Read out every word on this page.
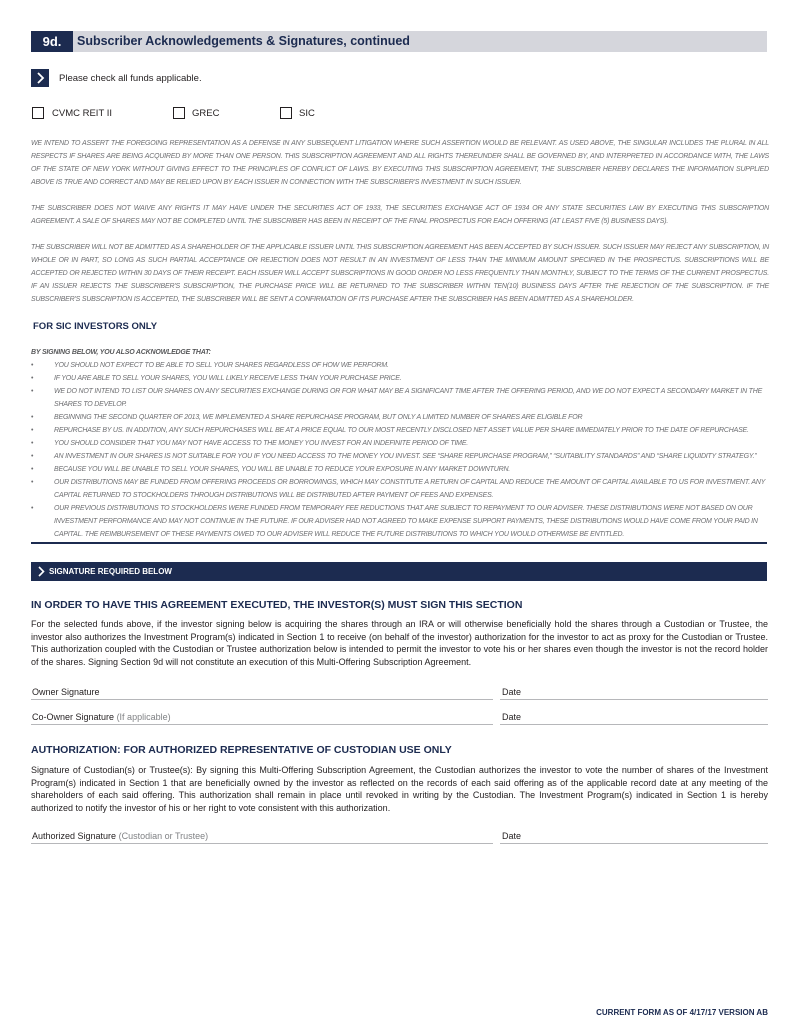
9d.	Subscriber Acknowledgements & Signatures, continued
Please check all funds applicable.
CVMC REIT II	GREC	SIC
WE INTEND TO ASSERT THE FOREGOING REPRESENTATION AS A DEFENSE IN ANY SUBSEQUENT LITIGATION WHERE SUCH ASSERTION WOULD BE RELEVANT. AS USED ABOVE, THE SINGULAR INCLUDES THE PLURAL IN ALL RESPECTS IF SHARES ARE BEING ACQUIRED BY MORE THAN ONE PERSON. THIS SUBSCRIPTION AGREEMENT AND ALL RIGHTS THEREUNDER SHALL BE GOVERNED BY, AND INTERPRETED IN ACCORDANCE WITH, THE LAWS OF THE STATE OF NEW YORK WITHOUT GIVING EFFECT TO THE PRINCIPLES OF CONFLICT OF LAWS. BY EXECUTING THIS SUBSCRIPTION AGREEMENT, THE SUBSCRIBER HEREBY DECLARES THE INFORMATION SUPPLIED ABOVE IS TRUE AND CORRECT AND MAY BE RELIED UPON BY EACH ISSUER IN CONNECTION WITH THE SUBSCRIBER'S INVESTMENT IN SUCH ISSUER.
THE SUBSCRIBER DOES NOT WAIVE ANY RIGHTS IT MAY HAVE UNDER THE SECURITIES ACT OF 1933, THE SECURITIES EXCHANGE ACT OF 1934 OR ANY STATE SECURITIES LAW BY EXECUTING THIS SUBSCRIPTION AGREEMENT. A SALE OF SHARES MAY NOT BE COMPLETED UNTIL THE SUBSCRIBER HAS BEEN IN RECEIPT OF THE FINAL PROSPECTUS FOR EACH OFFERING (AT LEAST FIVE (5) BUSINESS DAYS).
THE SUBSCRIBER WILL NOT BE ADMITTED AS A SHAREHOLDER OF THE APPLICABLE ISSUER UNTIL THIS SUBSCRIPTION AGREEMENT HAS BEEN ACCEPTED BY SUCH ISSUER. SUCH ISSUER MAY REJECT ANY SUBSCRIPTION, IN WHOLE OR IN PART, SO LONG AS SUCH PARTIAL ACCEPTANCE OR REJECTION DOES NOT RESULT IN AN INVESTMENT OF LESS THAN THE MINIMUM AMOUNT SPECIFIED IN THE PROSPECTUS. SUBSCRIPTIONS WILL BE ACCEPTED OR REJECTED WITHIN 30 DAYS OF THEIR RECEIPT. EACH ISSUER WILL ACCEPT SUBSCRIPTIONS IN GOOD ORDER NO LESS FREQUENTLY THAN MONTHLY, SUBJECT TO THE TERMS OF THE CURRENT PROSPECTUS. IF AN ISSUER REJECTS THE SUBSCRIBER'S SUBSCRIPTION, THE PURCHASE PRICE WILL BE RETURNED TO THE SUBSCRIBER WITHIN TEN(10) BUSINESS DAYS AFTER THE REJECTION OF THE SUBSCRIPTION. IF THE SUBSCRIBER'S SUBSCRIPTION IS ACCEPTED, THE SUBSCRIBER WILL BE SENT A CONFIRMATION OF ITS PURCHASE AFTER THE SUBSCRIBER HAS BEEN ADMITTED AS A SHAREHOLDER.
FOR SIC INVESTORS ONLY
BY SIGNING BELOW, YOU ALSO ACKNOWLEDGE THAT:
• YOU SHOULD NOT EXPECT TO BE ABLE TO SELL YOUR SHARES REGARDLESS OF HOW WE PERFORM.
• IF YOU ARE ABLE TO SELL YOUR SHARES, YOU WILL LIKELY RECEIVE LESS THAN YOUR PURCHASE PRICE.
• WE DO NOT INTEND TO LIST OUR SHARES ON ANY SECURITIES EXCHANGE DURING OR FOR WHAT MAY BE A SIGNIFICANT TIME AFTER THE OFFERING PERIOD, AND WE DO NOT EXPECT A SECONDARY MARKET IN THE SHARES TO DEVELOP.
• BEGINNING THE SECOND QUARTER OF 2013, WE IMPLEMENTED A SHARE REPURCHASE PROGRAM, BUT ONLY A LIMITED NUMBER OF SHARES ARE ELIGIBLE FOR
• REPURCHASE BY US. IN ADDITION, ANY SUCH REPURCHASES WILL BE AT A PRICE EQUAL TO OUR MOST RECENTLY DISCLOSED NET ASSET VALUE PER SHARE IMMEDIATELY PRIOR TO THE DATE OF REPURCHASE.
• YOU SHOULD CONSIDER THAT YOU MAY NOT HAVE ACCESS TO THE MONEY YOU INVEST FOR AN INDEFINITE PERIOD OF TIME.
• AN INVESTMENT IN OUR SHARES IS NOT SUITABLE FOR YOU IF YOU NEED ACCESS TO THE MONEY YOU INVEST. SEE “SHARE REPURCHASE PROGRAM,” “SUITABILITY STANDARDS” AND “SHARE LIQUIDITY STRATEGY.”
• BECAUSE YOU WILL BE UNABLE TO SELL YOUR SHARES, YOU WILL BE UNABLE TO REDUCE YOUR EXPOSURE IN ANY MARKET DOWNTURN.
• OUR DISTRIBUTIONS MAY BE FUNDED FROM OFFERING PROCEEDS OR BORROWINGS, WHICH MAY CONSTITUTE A RETURN OF CAPITAL AND REDUCE THE AMOUNT OF CAPITAL AVAILABLE TO US FOR INVESTMENT. ANY CAPITAL RETURNED TO STOCKHOLDERS THROUGH DISTRIBUTIONS WILL BE DISTRIBUTED AFTER PAYMENT OF FEES AND EXPENSES.
• OUR PREVIOUS DISTRIBUTIONS TO STOCKHOLDERS WERE FUNDED FROM TEMPORARY FEE REDUCTIONS THAT ARE SUBJECT TO REPAYMENT TO OUR ADVISER. THESE DISTRIBUTIONS WERE NOT BASED ON OUR INVESTMENT PERFORMANCE AND MAY NOT CONTINUE IN THE FUTURE. IF OUR ADVISER HAD NOT AGREED TO MAKE EXPENSE SUPPORT PAYMENTS, THESE DISTRIBUTIONS WOULD HAVE COME FROM YOUR PAID IN CAPITAL. THE REIMBURSEMENT OF THESE PAYMENTS OWED TO OUR ADVISER WILL REDUCE THE FUTURE DISTRIBUTIONS TO WHICH YOU WOULD OTHERWISE BE ENTITLED.
SIGNATURE REQUIRED BELOW
IN ORDER TO HAVE THIS AGREEMENT EXECUTED, THE INVESTOR(S) MUST SIGN THIS SECTION
For the selected funds above, if the investor signing below is acquiring the shares through an IRA or will otherwise beneficially hold the shares through a Custodian or Trustee, the investor also authorizes the Investment Program(s) indicated in Section 1 to receive (on behalf of the investor) authorization for the investor to act as proxy for the Custodian or Trustee. This authorization coupled with the Custodian or Trustee authorization below is intended to permit the investor to vote his or her shares even though the investor is not the record holder of the shares. Signing Section 9d will not constitute an execution of this Multi-Offering Subscription Agreement.
Owner Signature	Date
Co-Owner Signature (If applicable)	Date
AUTHORIZATION: FOR AUTHORIZED REPRESENTATIVE OF CUSTODIAN USE ONLY
Signature of Custodian(s) or Trustee(s): By signing this Multi-Offering Subscription Agreement, the Custodian authorizes the investor to vote the number of shares of the Investment Program(s) indicated in Section 1 that are beneficially owned by the investor as reflected on the records of each said offering as of the applicable record date at any meeting of the shareholders of each said offering. This authorization shall remain in place until revoked in writing by the Custodian. The Investment Program(s) indicated in Section 1 is hereby authorized to notify the investor of his or her right to vote consistent with this authorization.
Authorized Signature (Custodian or Trustee)	Date
CURRENT FORM AS OF 4/17/17 VERSION AB
